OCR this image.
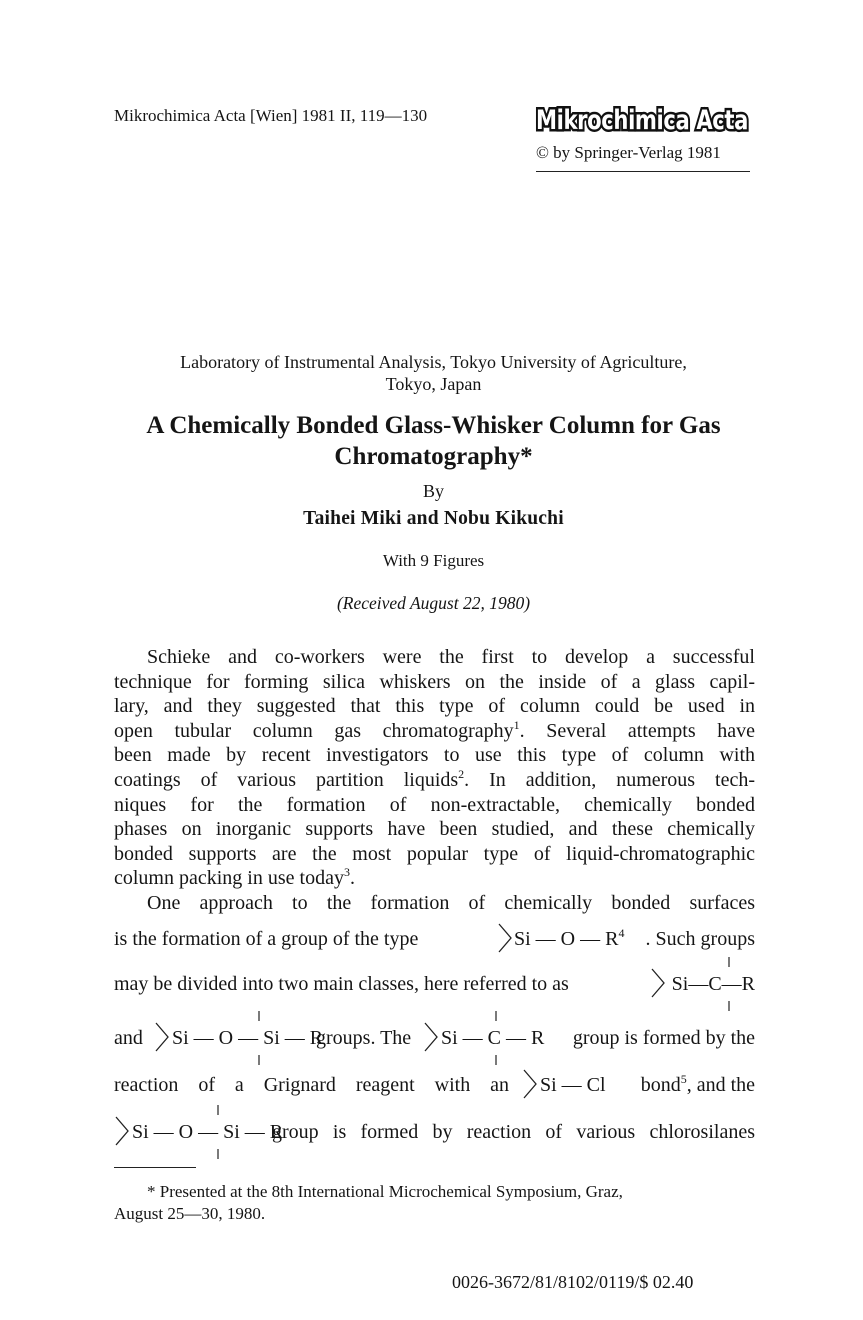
Mikrochimica Acta [Wien] 1981 II, 119—130	Mikrochimica Acta
© by Springer-Verlag 1981
Laboratory of Instrumental Analysis, Tokyo University of Agriculture,
Tokyo, Japan
A Chemically Bonded Glass-Whisker Column for Gas
Chromatography*
By
Taihei Miki and Nobu Kikuchi
With 9 Figures
(Received August 22, 1980)
Schieke and co-workers were the first to develop a successful
technique for forming silica whiskers on the inside of a glass capil-
lary, and they suggested that this type of column could be used in
open tubular column gas chromatography$^1$. Several attempts have
been made by recent investigators to use this type of column with
coatings of various partition liquids$^2$. In addition, numerous tech-
niques for the formation of non-extractable, chemically bonded
phases on inorganic supports have been studied, and these chemically
bonded supports are the most popular type of liquid-chromatographic
column packing in use today$^3$.
One approach to the formation of chemically bonded surfaces
is the formation of a group of the type	Si — O — $R^4$	. Such groups
may be divided into two main classes, here referred to as	Si—C—R
and Si — O — Si — R
groups. The Si — C — R	group is formed by the
reaction of a Grignard reagent with an Si — Cl	bond$^5$, and the
Si — O — Si — R
group is formed by reaction of various chlorosilanes
* Presented at the 8th International Microchemical Symposium, Graz,
August 25—30, 1980.
0026-3672/81/8102/0119/$ 02.40
